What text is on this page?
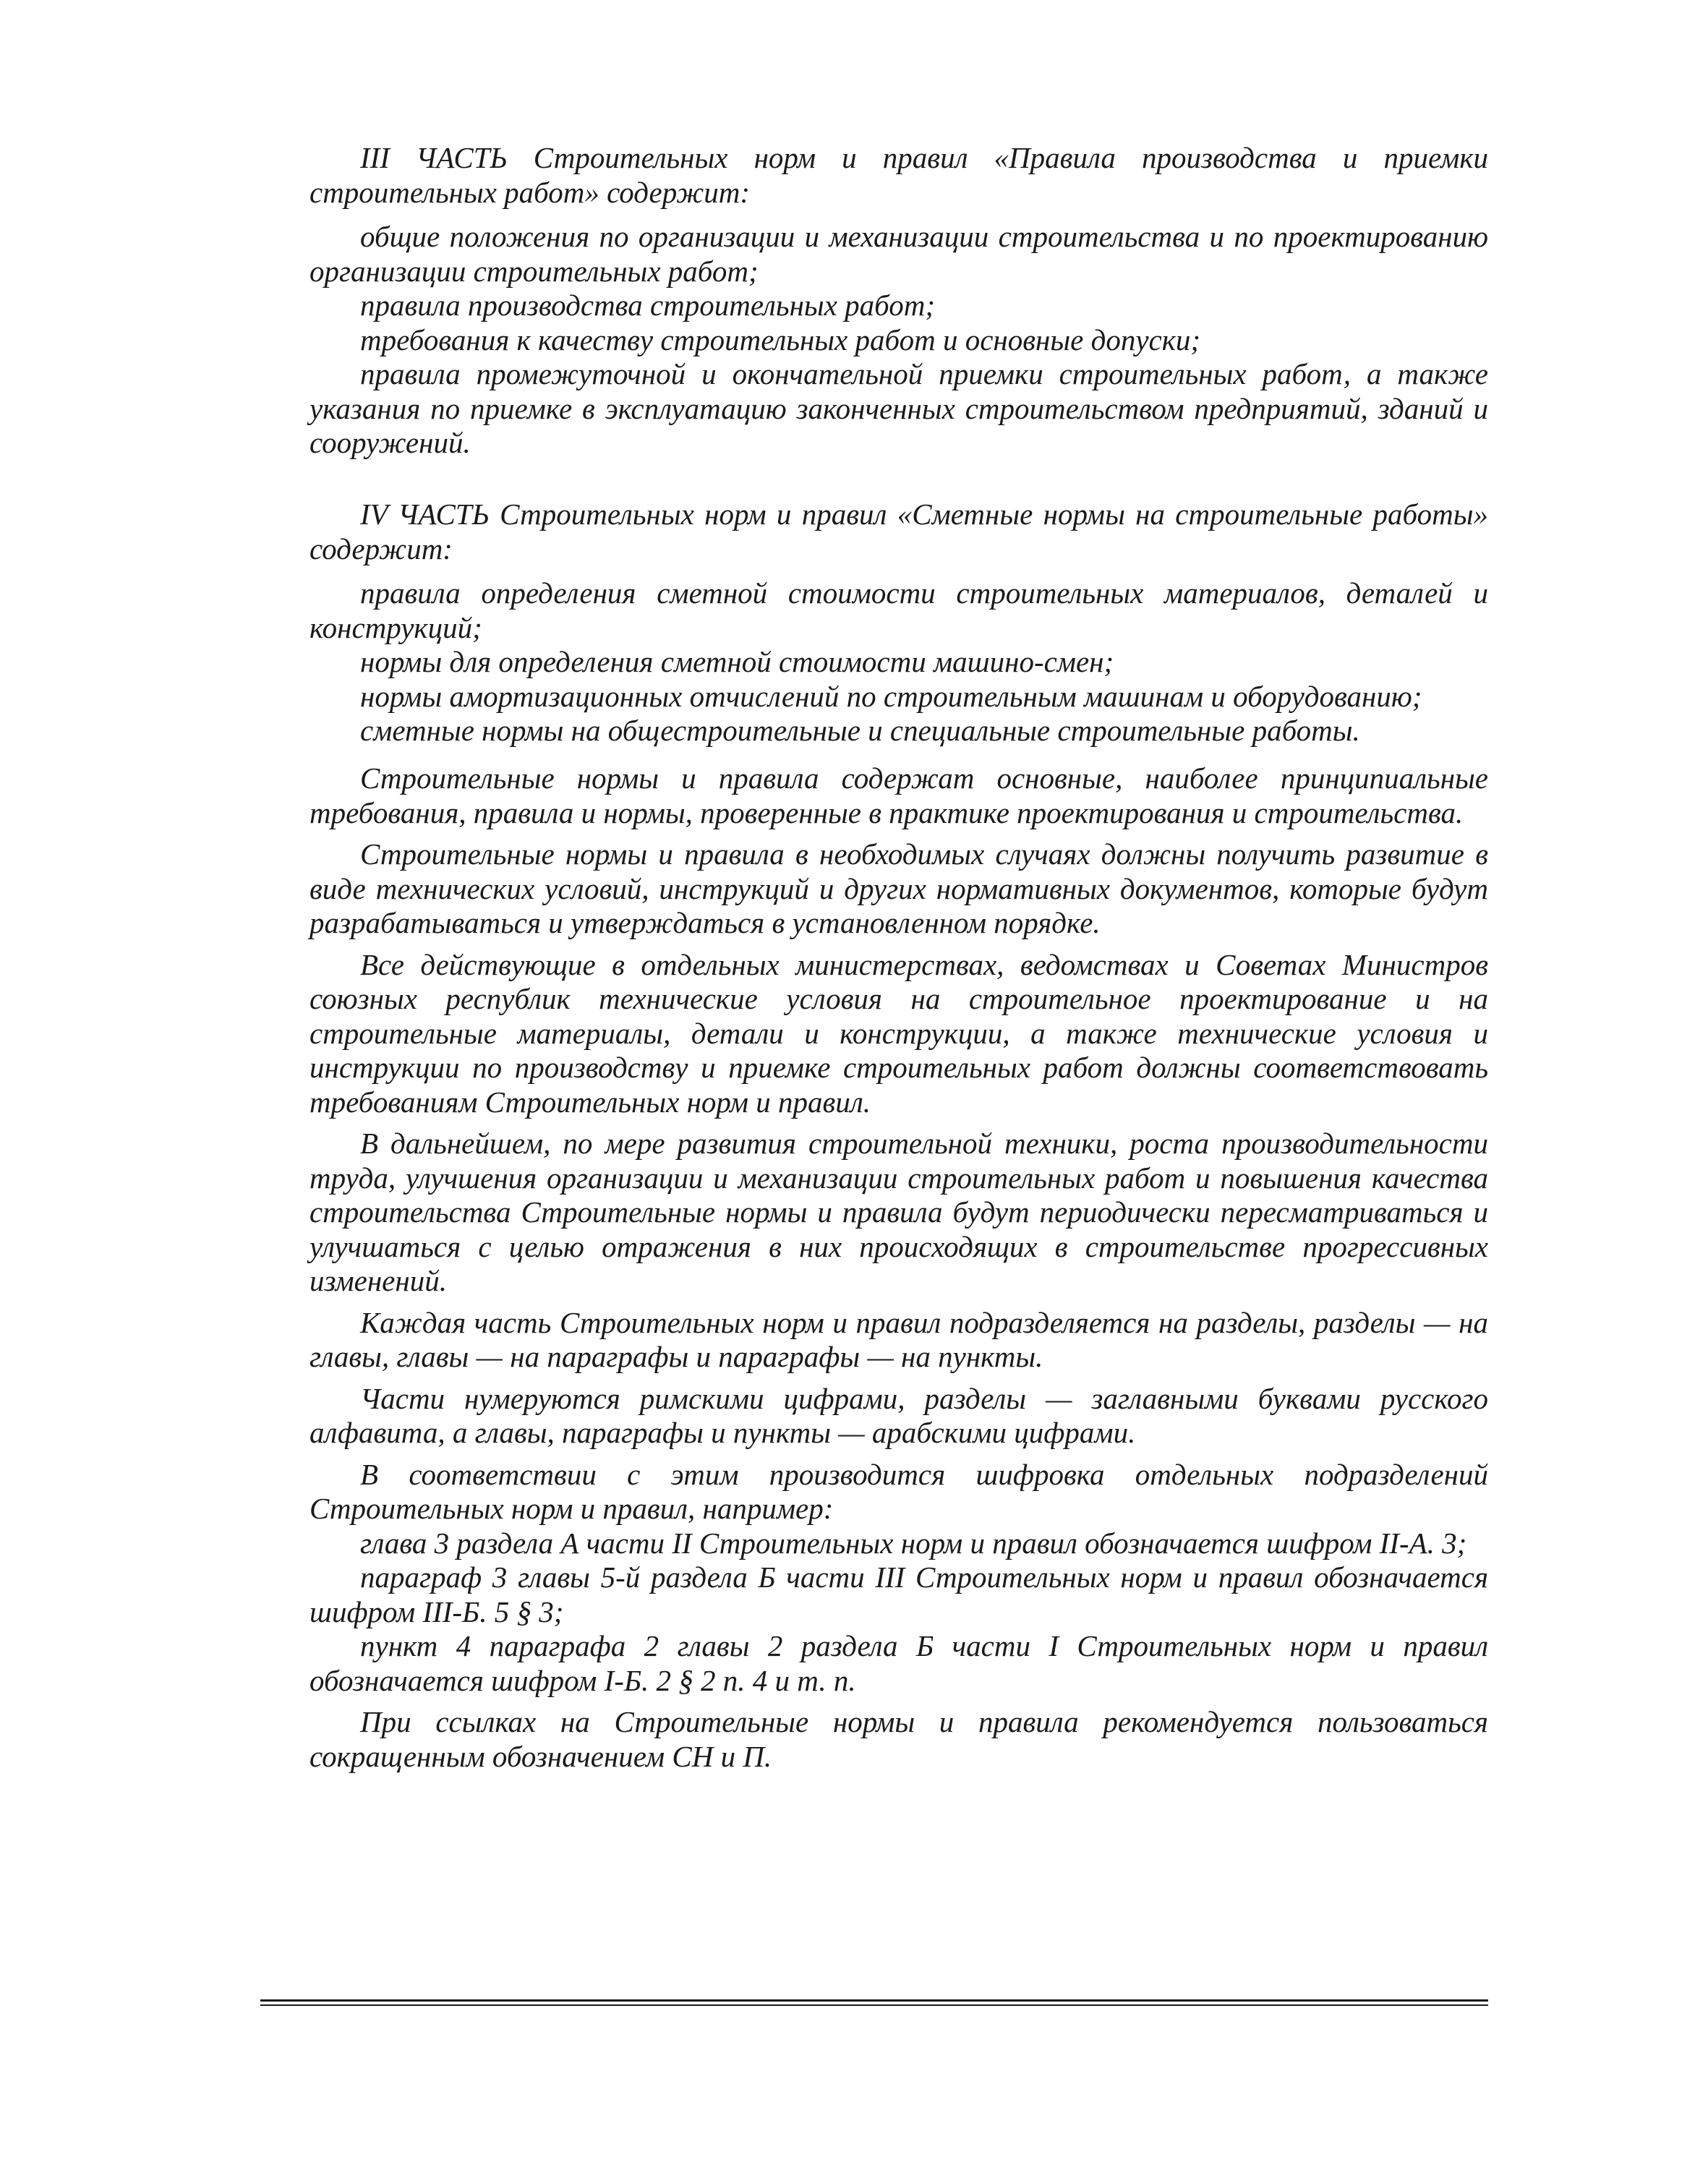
III ЧАСТЬ Строительных норм и правил «Правила производства и приемки строительных работ» содержит:

общие положения по организации и механизации строительства и по проектированию организации строительных работ;

правила производства строительных работ;

требования к качеству строительных работ и основные допуски;

правила промежуточной и окончательной приемки строительных работ, а также указания по приемке в эксплуатацию законченных строительством предприятий, зданий и сооружений.

IV ЧАСТЬ Строительных норм и правил «Сметные нормы на строительные работы» содержит:

правила определения сметной стоимости строительных материалов, деталей и конструкций;

нормы для определения сметной стоимости машино-смен;

нормы амортизационных отчислений по строительным машинам и оборудованию;

сметные нормы на общестроительные и специальные строительные работы.

Строительные нормы и правила содержат основные, наиболее принципиальные требования, правила и нормы, проверенные в практике проектирования и строительства.

Строительные нормы и правила в необходимых случаях должны получить развитие в виде технических условий, инструкций и других нормативных документов, которые будут разрабатываться и утверждаться в установленном порядке.

Все действующие в отдельных министерствах, ведомствах и Советах Министров союзных республик технические условия на строительное проектирование и на строительные материалы, детали и конструкции, а также технические условия и инструкции по производству и приемке строительных работ должны соответствовать требованиям Строительных норм и правил.

В дальнейшем, по мере развития строительной техники, роста производительности труда, улучшения организации и механизации строительных работ и повышения качества строительства Строительные нормы и правила будут периодически пересматриваться и улучшаться с целью отражения в них происходящих в строительстве прогрессивных изменений.

Каждая часть Строительных норм и правил подразделяется на разделы, разделы — на главы, главы — на параграфы и параграфы — на пункты.

Части нумеруются римскими цифрами, разделы — заглавными буквами русского алфавита, а главы, параграфы и пункты — арабскими цифрами.

В соответствии с этим производится шифровка отдельных подразделений Строительных норм и правил, например:

глава 3 раздела А части II Строительных норм и правил обозначается шифром II-А. 3;

параграф 3 главы 5-й раздела Б части III Строительных норм и правил обозначается шифром III-Б. 5 § 3;

пункт 4 параграфа 2 главы 2 раздела Б части I Строительных норм и правил обозначается шифром I-Б. 2 § 2 п. 4 и т. п.

При ссылках на Строительные нормы и правила рекомендуется пользоваться сокращенным обозначением СН и П.
